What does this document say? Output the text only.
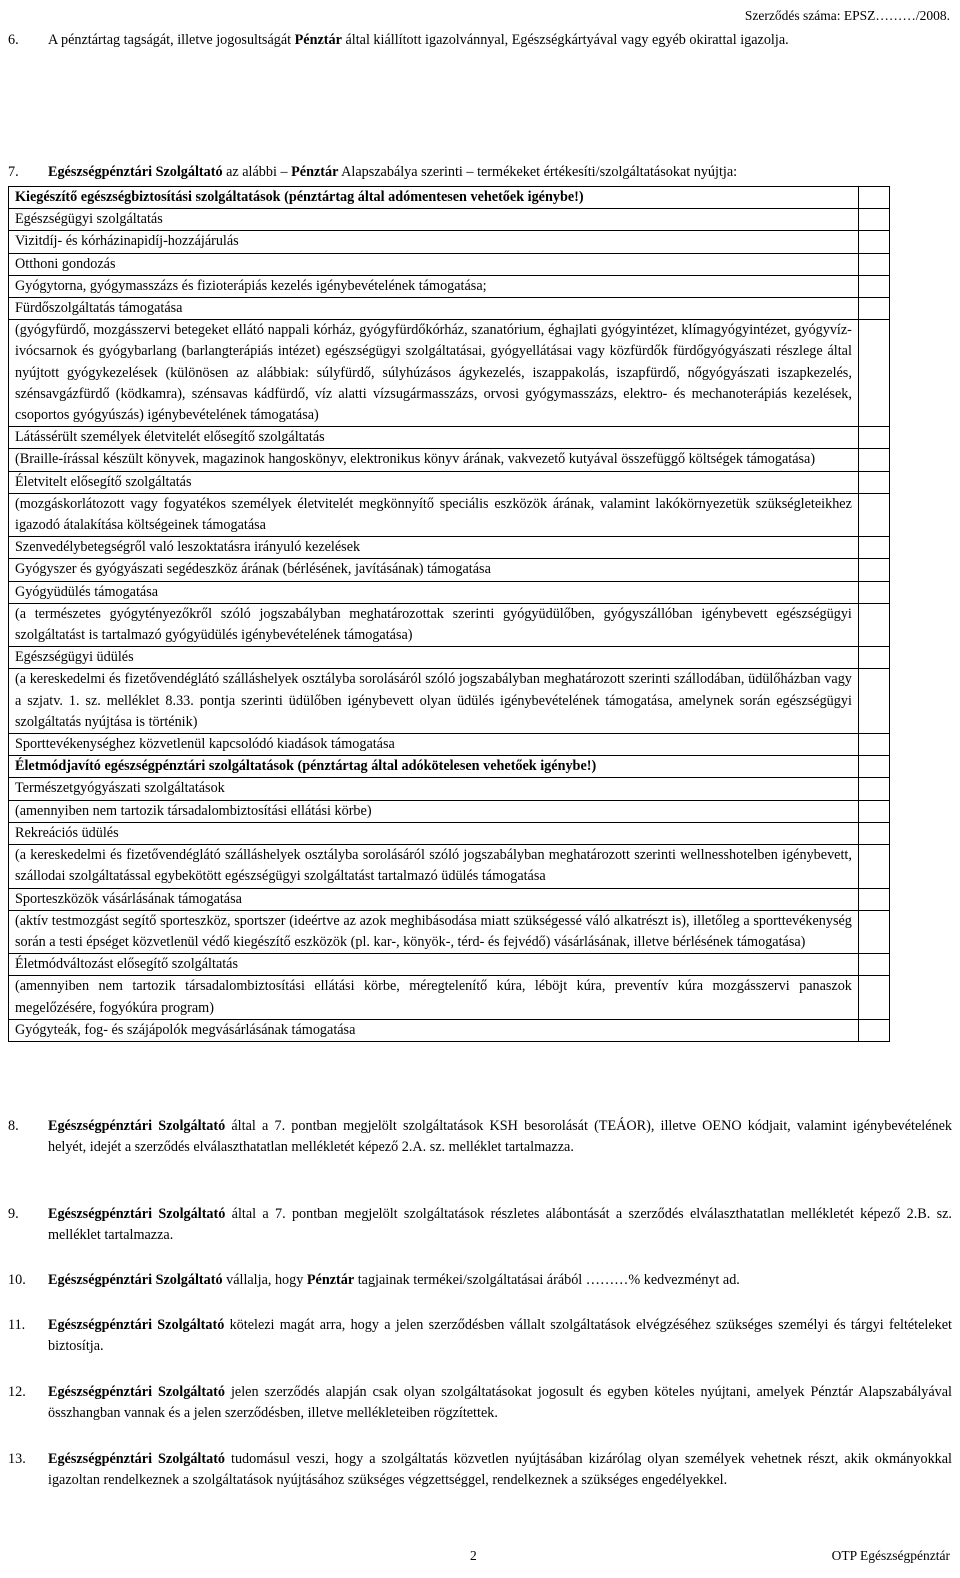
Szerződés száma: EPSZ………/2008.
6. A pénztártag tagságát, illetve jogosultságát Pénztár által kiállított igazolvánnyal, Egészségkártyával vagy egyéb okirattal igazolja.
7. Egészségpénztári Szolgáltató az alábbi – Pénztár Alapszabálya szerinti – termékeket értékesíti/szolgáltatásokat nyújtja:
Kiegészítő egészségbiztosítási szolgáltatások (pénztártag által adómentesen vehetőek igénybe!)	
Egészségügyi szolgáltatás	
Vizitdíj- és kórházinapidíj-hozzájárulás	
Otthoni gondozás	
Gyógytorna, gyógymasszázs és fizioterápiás kezelés igénybevételének támogatása;	
Fürdőszolgáltatás támogatása	
(gyógyfürdő, mozgásszervi betegeket ellátó nappali kórház, gyógyfürdőkórház, szanatórium, éghajlati gyógyintézet, klímagyógyintézet, gyógyvíz-ivócsarnok és gyógybarlang (barlangterápiás intézet) egészségügyi szolgáltatásai, gyógyellátásai vagy közfürdők fürdőgyógyászati részlege által nyújtott gyógykezelések (különösen az alábbiak: súlyfürdő, súlyhúzásos ágykezelés, iszappakolás, iszapfürdő, nőgyógyászati iszapkezelés, szénsavgázfürdő (ködkamra), szénsavas kádfürdő, víz alatti vízsugármasszázs, orvosi gyógymasszázs, elektro- és mechanoterápiás kezelések, csoportos gyógyúszás) igénybevételének támogatása)	
Látássérült személyek életvitelét elősegítő szolgáltatás	
(Braille-írással készült könyvek, magazinok hangoskönyv, elektronikus könyv árának, vakvezető kutyával összefüggő költségek támogatása)	
Életvitelt elősegítő szolgáltatás	
(mozgáskorlátozott vagy fogyatékos személyek életvitelét megkönnyítő speciális eszközök árának, valamint lakókörnyezetük szükségleteikhez igazodó átalakítása költségeinek támogatása	
Szenvedélybetegségről való leszoktatásra irányuló kezelések	
Gyógyszer és gyógyászati segédeszköz árának (bérlésének, javításának) támogatása	
Gyógyüdülés támogatása	
(a természetes gyógytényezőkről szóló jogszabályban meghatározottak szerinti gyógyüdülőben, gyógyszállóban igénybevett egészségügyi szolgáltatást is tartalmazó gyógyüdülés igénybevételének támogatása)	
Egészségügyi üdülés	
(a kereskedelmi és fizetővendéglátó szálláshelyek osztályba sorolásáról szóló jogszabályban meghatározott szerinti szállodában, üdülőházban vagy a szjatv. 1. sz. melléklet 8.33. pontja szerinti üdülőben igénybevett olyan üdülés igénybevételének támogatása, amelynek során egészségügyi szolgáltatás nyújtása is történik)	
Sporttevékenységhez közvetlenül kapcsolódó kiadások támogatása	
Életmódjavító egészségpénztári szolgáltatások (pénztártag által adókötelesen vehetőek igénybe!)	
Természetgyógyászati szolgáltatások	
(amennyiben nem tartozik társadalombiztosítási ellátási körbe)	
Rekreációs üdülés	
(a kereskedelmi és fizetővendéglátó szálláshelyek osztályba sorolásáról szóló jogszabályban meghatározott szerinti wellnesshotelben igénybevett, szállodai szolgáltatással egybekötött egészségügyi szolgáltatást tartalmazó üdülés támogatása	
Sporteszközök vásárlásának támogatása	
(aktív testmozgást segítő sporteszköz, sportszer (ideértve az azok meghibásodása miatt szükségessé váló alkatrészt is), illetőleg a sporttevékenység során a testi épséget közvetlenül védő kiegészítő eszközök (pl. kar-, könyök-, térd- és fejvédő) vásárlásának, illetve bérlésének támogatása)	
Életmódváltozást elősegítő szolgáltatás	
(amennyiben nem tartozik társadalombiztosítási ellátási körbe, méregtelenítő kúra, léböjt kúra, preventív kúra mozgásszervi panaszok megelőzésére, fogyókúra program)	
Gyógyteák, fog- és szájápolók megvásárlásának támogatása	
8. Egészségpénztári Szolgáltató által a 7. pontban megjelölt szolgáltatások KSH besorolását (TEÁOR), illetve OENO kódjait, valamint igénybevételének helyét, idejét a szerződés elválaszthatatlan mellékletét képező 2.A. sz. melléklet tartalmazza.
9. Egészségpénztári Szolgáltató által a 7. pontban megjelölt szolgáltatások részletes alábontását a szerződés elválaszthatatlan mellékletét képező 2.B. sz. melléklet tartalmazza.
10. Egészségpénztári Szolgáltató vállalja, hogy Pénztár tagjainak termékei/szolgáltatásai árából ………% kedvezményt ad.
11. Egészségpénztári Szolgáltató kötelezi magát arra, hogy a jelen szerződésben vállalt szolgáltatások elvégzéséhez szükséges személyi és tárgyi feltételeket biztosítja.
12. Egészségpénztári Szolgáltató jelen szerződés alapján csak olyan szolgáltatásokat jogosult és egyben köteles nyújtani, amelyek Pénztár Alapszabályával összhangban vannak és a jelen szerződésben, illetve mellékleteiben rögzítettek.
13. Egészségpénztári Szolgáltató tudomásul veszi, hogy a szolgáltatás közvetlen nyújtásában kizárólag olyan személyek vehetnek részt, akik okmányokkal igazoltan rendelkeznek a szolgáltatások nyújtásához szükséges végzettséggel, rendelkeznek a szükséges engedélyekkel.
2	OTP Egészségpénztár
